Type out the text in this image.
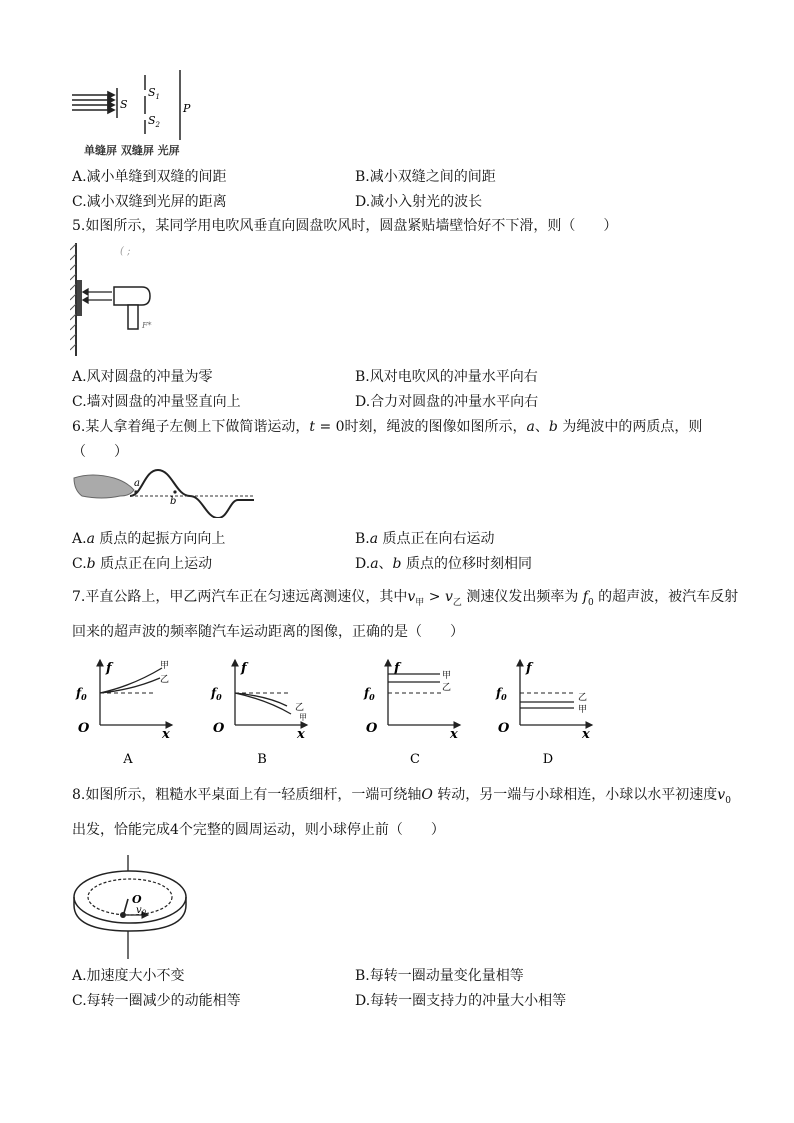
S
$S_1$
$S_2$
P
单缝屏 双缝屏 光屏
A.减小单缝到双缝的间距	B.减小双缝之间的间距
C.减小双缝到光屏的距离	D.减小入射光的波长
5.如图所示，某同学用电吹风垂直向圆盘吹风时，圆盘紧贴墙壁恰好不下滑，则（　　）
( ;
F*
A.风对圆盘的冲量为零	B.风对电吹风的冲量水平向右
C.墙对圆盘的冲量竖直向上	D.合力对圆盘的冲量水平向右
6.某人拿着绳子左侧上下做简谐运动，t = 0时刻，绳波的图像如图所示，a、b 为绳波中的两质点，则
（　　）
a
b
A.a 质点的起振方向向上	B.a 质点正在向右运动
C.b 质点正在向上运动	D.a、b 质点的位移时刻相同
7.平直公路上，甲乙两汽车正在匀速远离测速仪，其中$v_甲 > v_乙$ 测速仪发出频率为 $f_0$ 的超声波，被汽车反射
回来的超声波的频率随汽车运动距离的图像，正确的是（　　）
f
x
O
$f_0$
甲
乙
f
x
O
$f_0$
乙
甲
f
x
O
$f_0$
甲
乙
f
x
O
$f_0$	乙
甲
A	B	C	D
8.如图所示，粗糙水平桌面上有一轻质细杆，一端可绕轴O 转动，另一端与小球相连，小球以水平初速度$v_0$
出发，恰能完成4个完整的圆周运动，则小球停止前（　　）
O
$v_0$
A.加速度大小不变	B.每转一圈动量变化量相等
C.每转一圈减少的动能相等	D.每转一圈支持力的冲量大小相等
